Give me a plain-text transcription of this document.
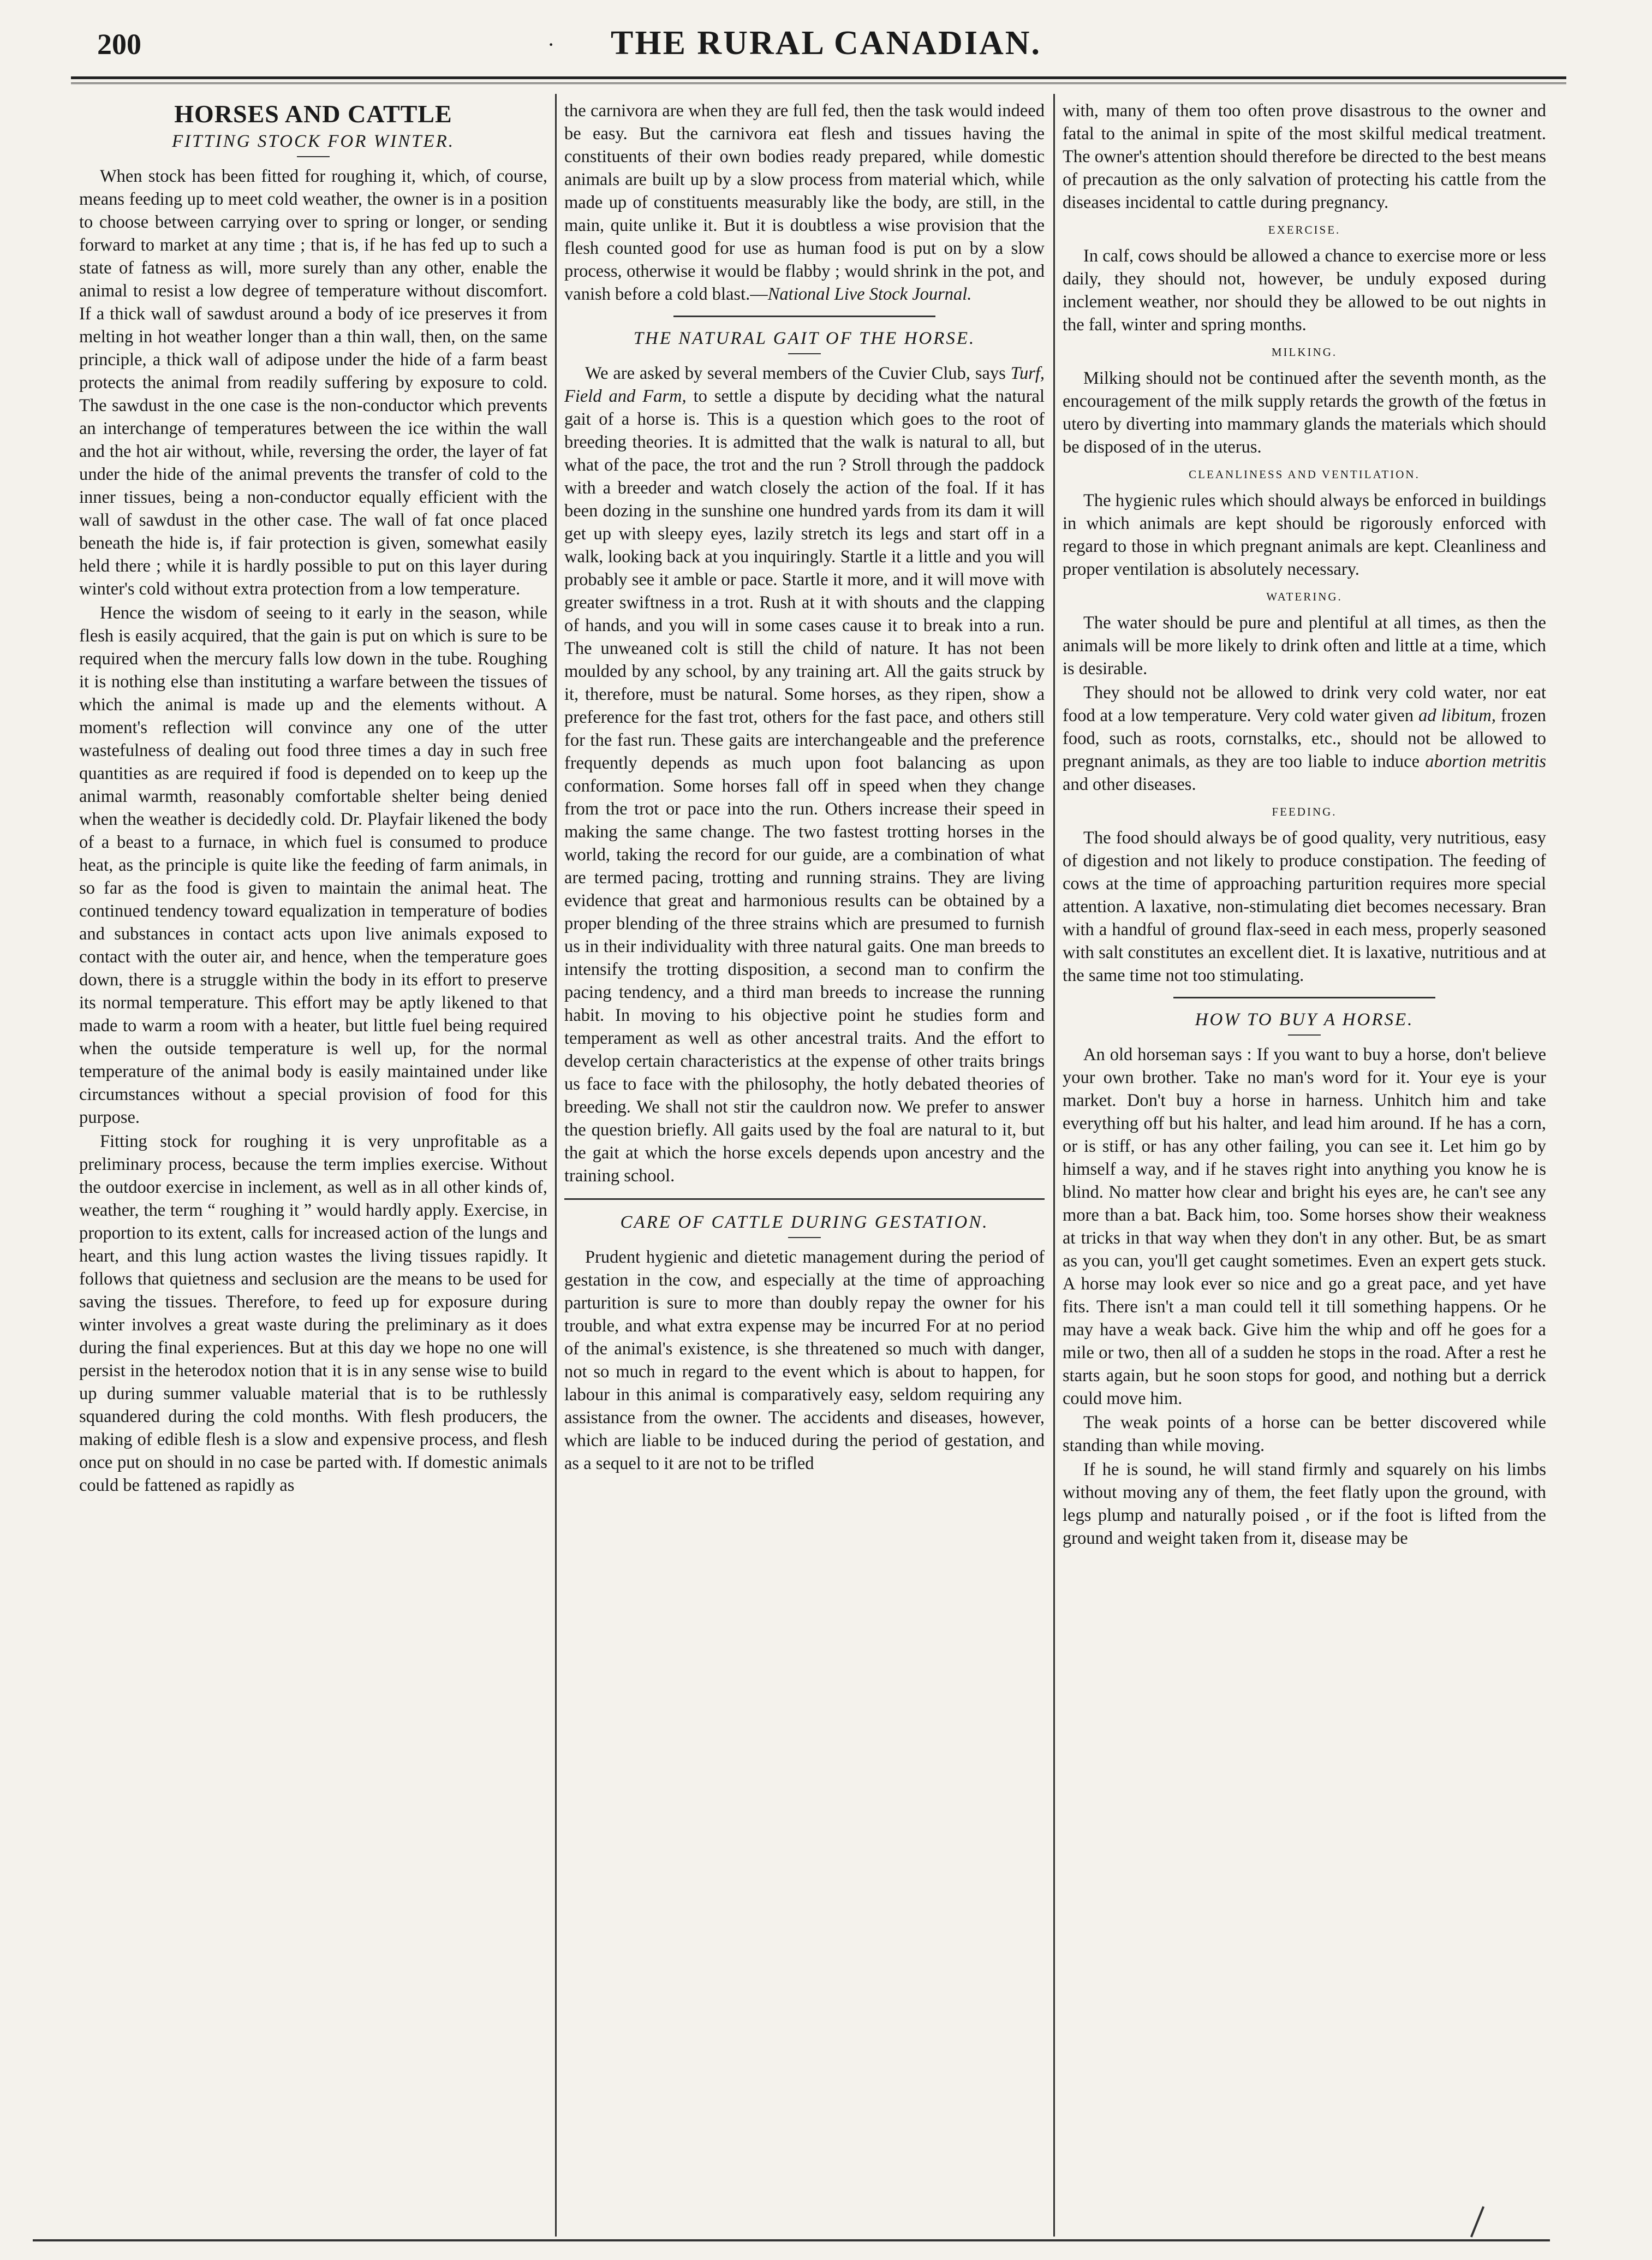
200	·	THE RURAL CANADIAN.
HORSES AND CATTLE
FITTING STOCK FOR WINTER.

When stock has been fitted for roughing it, which, of course, means feeding up to meet cold weather, the owner is in a position to choose between carrying over to spring or longer, or sending forward to market at any time ; that is, if he has fed up to such a state of fatness as will, more surely than any other, enable the animal to resist a low degree of temperature without discomfort. If a thick wall of sawdust around a body of ice preserves it from melting in hot weather longer than a thin wall, then, on the same principle, a thick wall of adipose under the hide of a farm beast protects the animal from readily suffering by exposure to cold. The sawdust in the one case is the non-conductor which prevents an interchange of temperatures between the ice within the wall and the hot air without, while, reversing the order, the layer of fat under the hide of the animal prevents the transfer of cold to the inner tissues, being a non-conductor equally efficient with the wall of sawdust in the other case. The wall of fat once placed beneath the hide is, if fair protection is given, somewhat easily held there ; while it is hardly possible to put on this layer during winter's cold without extra protection from a low temperature.

Hence the wisdom of seeing to it early in the season, while flesh is easily acquired, that the gain is put on which is sure to be required when the mercury falls low down in the tube. Roughing it is nothing else than instituting a warfare between the tissues of which the animal is made up and the elements without. A moment's reflection will convince any one of the utter wastefulness of dealing out food three times a day in such free quantities as are required if food is depended on to keep up the animal warmth, reasonably comfortable shelter being denied when the weather is decidedly cold. Dr. Playfair likened the body of a beast to a furnace, in which fuel is consumed to produce heat, as the principle is quite like the feeding of farm animals, in so far as the food is given to maintain the animal heat. The continued tendency toward equalization in temperature of bodies and substances in contact acts upon live animals exposed to contact with the outer air, and hence, when the temperature goes down, there is a struggle within the body in its effort to preserve its normal temperature. This effort may be aptly likened to that made to warm a room with a heater, but little fuel being required when the outside temperature is well up, for the normal temperature of the animal body is easily maintained under like circumstances without a special provision of food for this purpose.

Fitting stock for roughing it is very unprofitable as a preliminary process, because the term implies exercise. Without the outdoor exercise in inclement, as well as in all other kinds of, weather, the term “ roughing it ” would hardly apply. Exercise, in proportion to its extent, calls for increased action of the lungs and heart, and this lung action wastes the living tissues rapidly. It follows that quietness and seclusion are the means to be used for saving the tissues. Therefore, to feed up for exposure during winter involves a great waste during the preliminary as it does during the final experiences. But at this day we hope no one will persist in the heterodox notion that it is in any sense wise to build up during summer valuable material that is to be ruthlessly squandered during the cold months. With flesh producers, the making of edible flesh is a slow and expensive process, and flesh once put on should in no case be parted with. If domestic animals could be fattened as rapidly as

the carnivora are when they are full fed, then the task would indeed be easy. But the carnivora eat flesh and tissues having the constituents of their own bodies ready prepared, while domestic animals are built up by a slow process from material which, while made up of constituents measurably like the body, are still, in the main, quite unlike it. But it is doubtless a wise provision that the flesh counted good for use as human food is put on by a slow process, otherwise it would be flabby ; would shrink in the pot, and vanish before a cold blast.—National Live Stock Journal.

THE NATURAL GAIT OF THE HORSE.

We are asked by several members of the Cuvier Club, says Turf, Field and Farm, to settle a dispute by deciding what the natural gait of a horse is. This is a question which goes to the root of breeding theories. It is admitted that the walk is natural to all, but what of the pace, the trot and the run ? Stroll through the paddock with a breeder and watch closely the action of the foal. If it has been dozing in the sunshine one hundred yards from its dam it will get up with sleepy eyes, lazily stretch its legs and start off in a walk, looking back at you inquiringly. Startle it a little and you will probably see it amble or pace. Startle it more, and it will move with greater swiftness in a trot. Rush at it with shouts and the clapping of hands, and you will in some cases cause it to break into a run. The unweaned colt is still the child of nature. It has not been moulded by any school, by any training art. All the gaits struck by it, therefore, must be natural. Some horses, as they ripen, show a preference for the fast trot, others for the fast pace, and others still for the fast run. These gaits are interchangeable and the preference frequently depends as much upon foot balancing as upon conformation. Some horses fall off in speed when they change from the trot or pace into the run. Others increase their speed in making the same change. The two fastest trotting horses in the world, taking the record for our guide, are a combination of what are termed pacing, trotting and running strains. They are living evidence that great and harmonious results can be obtained by a proper blending of the three strains which are presumed to furnish us in their individuality with three natural gaits. One man breeds to intensify the trotting disposition, a second man to confirm the pacing tendency, and a third man breeds to increase the running habit. In moving to his objective point he studies form and temperament as well as other ancestral traits. And the effort to develop certain characteristics at the expense of other traits brings us face to face with the philosophy, the hotly debated theories of breeding. We shall not stir the cauldron now. We prefer to answer the question briefly. All gaits used by the foal are natural to it, but the gait at which the horse excels depends upon ancestry and the training school.

CARE OF CATTLE DURING GESTATION.

Prudent hygienic and dietetic management during the period of gestation in the cow, and especially at the time of approaching parturition is sure to more than doubly repay the owner for his trouble, and what extra expense may be incurred For at no period of the animal's existence, is she threatened so much with danger, not so much in regard to the event which is about to happen, for labour in this animal is comparatively easy, seldom requiring any assistance from the owner. The accidents and diseases, however, which are liable to be induced during the period of gestation, and as a sequel to it are not to be trifled

with, many of them too often prove disastrous to the owner and fatal to the animal in spite of the most skilful medical treatment. The owner's attention should therefore be directed to the best means of precaution as the only salvation of protecting his cattle from the diseases incidental to cattle during pregnancy.

EXERCISE.

In calf, cows should be allowed a chance to exercise more or less daily, they should not, however, be unduly exposed during inclement weather, nor should they be allowed to be out nights in the fall, winter and spring months.

MILKING.

Milking should not be continued after the seventh month, as the encouragement of the milk supply retards the growth of the fœtus in utero by diverting into mammary glands the materials which should be disposed of in the uterus.

CLEANLINESS AND VENTILATION.

The hygienic rules which should always be enforced in buildings in which animals are kept should be rigorously enforced with regard to those in which pregnant animals are kept. Cleanliness and proper ventilation is absolutely necessary.

WATERING.

The water should be pure and plentiful at all times, as then the animals will be more likely to drink often and little at a time, which is desirable.

They should not be allowed to drink very cold water, nor eat food at a low temperature. Very cold water given ad libitum, frozen food, such as roots, cornstalks, etc., should not be allowed to pregnant animals, as they are too liable to induce abortion metritis and other diseases.

FEEDING.

The food should always be of good quality, very nutritious, easy of digestion and not likely to produce constipation. The feeding of cows at the time of approaching parturition requires more special attention. A laxative, non-stimulating diet becomes necessary. Bran with a handful of ground flax-seed in each mess, properly seasoned with salt constitutes an excellent diet. It is laxative, nutritious and at the same time not too stimulating.

HOW TO BUY A HORSE.

An old horseman says : If you want to buy a horse, don't believe your own brother. Take no man's word for it. Your eye is your market. Don't buy a horse in harness. Unhitch him and take everything off but his halter, and lead him around. If he has a corn, or is stiff, or has any other failing, you can see it. Let him go by himself a way, and if he staves right into anything you know he is blind. No matter how clear and bright his eyes are, he can't see any more than a bat. Back him, too. Some horses show their weakness at tricks in that way when they don't in any other. But, be as smart as you can, you'll get caught sometimes. Even an expert gets stuck. A horse may look ever so nice and go a great pace, and yet have fits. There isn't a man could tell it till something happens. Or he may have a weak back. Give him the whip and off he goes for a mile or two, then all of a sudden he stops in the road. After a rest he starts again, but he soon stops for good, and nothing but a derrick could move him.

The weak points of a horse can be better discovered while standing than while moving.

If he is sound, he will stand firmly and squarely on his limbs without moving any of them, the feet flatly upon the ground, with legs plump and naturally poised , or if the foot is lifted from the ground and weight taken from it, disease may be
